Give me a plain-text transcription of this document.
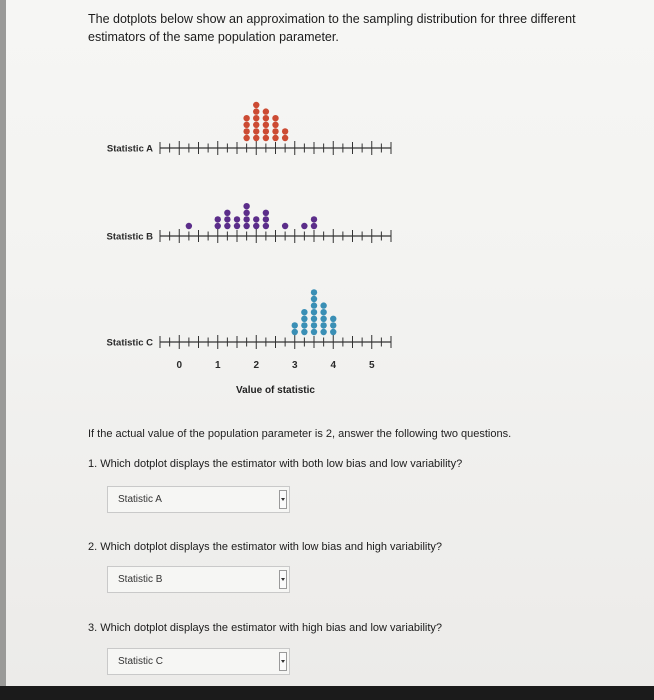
The dotplots below show an approximation to the sampling distribution for three different estimators of the same population parameter.
Statistic A
Statistic B
Statistic C
0	1	2	3	4	5
Value of statistic
If the actual value of the population parameter is 2, answer the following two questions.
1. Which dotplot displays the estimator with both low bias and low variability?
Statistic A
2. Which dotplot displays the estimator with low bias and high variability?
Statistic B
3. Which dotplot displays the estimator with high bias and low variability?
Statistic C
